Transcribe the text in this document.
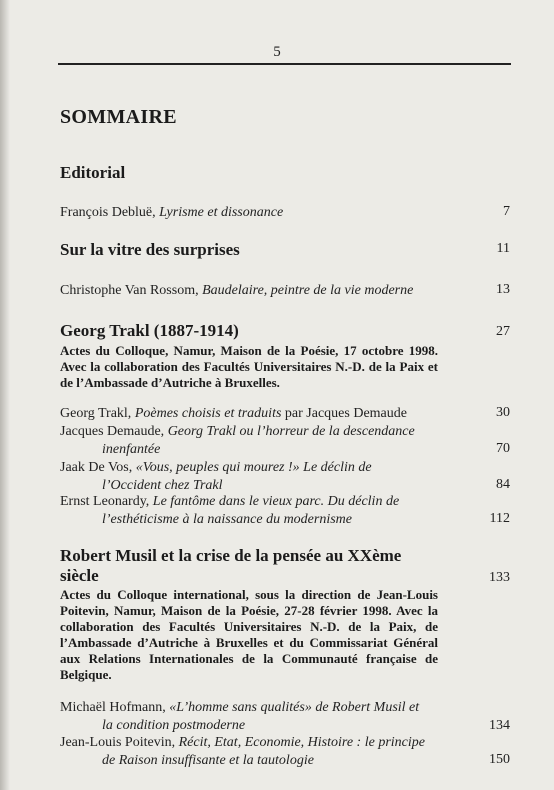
5
SOMMAIRE
Editorial
François Debluë, Lyrisme et dissonance	7
Sur la vitre des surprises	11
Christophe Van Rossom, Baudelaire, peintre de la vie moderne	13
Georg Trakl (1887-1914)	27
Actes du Colloque, Namur, Maison de la Poésie, 17 octobre 1998. Avec la collaboration des Facultés Universitaires N.-D. de la Paix et de l’Ambassade d’Autriche à Bruxelles.
Georg Trakl, Poèmes choisis et traduits par Jacques Demaude	30
Jacques Demaude, Georg Trakl ou l’horreur de la descendance
inenfantée	70
Jaak De Vos, «Vous, peuples qui mourez !» Le déclin de
l’Occident chez Trakl	84
Ernst Leonardy, Le fantôme dans le vieux parc. Du déclin de
l’esthéticisme à la naissance du modernisme	112
Robert Musil et la crise de la pensée au XXème
siècle	133
Actes du Colloque international, sous la direction de Jean-Louis Poitevin, Namur, Maison de la Poésie, 27-28 février 1998. Avec la collaboration des Facultés Universitaires N.-D. de la Paix, de l’Ambassade d’Autriche à Bruxelles et du Commissariat Général aux Relations Internationales de la Communauté française de Belgique.
Michaël Hofmann, «L’homme sans qualités» de Robert Musil et
la condition postmoderne	134
Jean-Louis Poitevin, Récit, Etat, Economie, Histoire : le principe
de Raison insuffisante et la tautologie	150
